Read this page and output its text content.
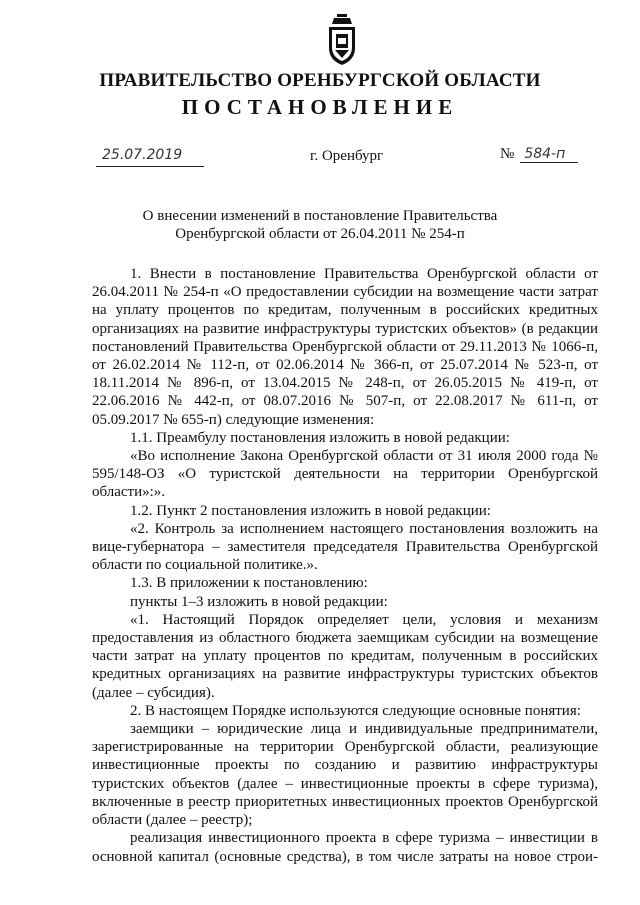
ПРАВИТЕЛЬСТВО ОРЕНБУРГСКОЙ ОБЛАСТИ
ПОСТАНОВЛЕНИЕ
25.07.2019	г. Оренбург	№ 584-п
О внесении изменений в постановление Правительства
Оренбургской области от 26.04.2011 № 254-п

1. Внести в постановление Правительства Оренбургской области от 26.04.2011 № 254-п «О предоставлении субсидии на возмещение части затрат на уплату процентов по кредитам, полученным в российских кредитных организациях на развитие инфраструктуры туристских объектов» (в редакции постановлений Правительства Оренбургской области от 29.11.2013 № 1066-п, от 26.02.2014 № 112-п, от 02.06.2014 № 366-п, от 25.07.2014 № 523-п, от 18.11.2014 № 896-п, от 13.04.2015 № 248-п, от 26.05.2015 № 419-п, от 22.06.2016 № 442-п, от 08.07.2016 № 507-п, от 22.08.2017 № 611-п, от 05.09.2017 № 655-п) следующие изменения:

1.1. Преамбулу постановления изложить в новой редакции:

«Во исполнение Закона Оренбургской области от 31 июля 2000 года № 595/148-ОЗ «О туристской деятельности на территории Оренбургской области»:».

1.2. Пункт 2 постановления изложить в новой редакции:

«2. Контроль за исполнением настоящего постановления возложить на вице-губернатора – заместителя председателя Правительства Оренбургской области по социальной политике.».

1.3. В приложении к постановлению:

пункты 1–3 изложить в новой редакции:

«1. Настоящий Порядок определяет цели, условия и механизм предоставления из областного бюджета заемщикам субсидии на возмещение части затрат на уплату процентов по кредитам, полученным в российских кредитных организациях на развитие инфраструктуры туристских объектов (далее – субсидия).

2. В настоящем Порядке используются следующие основные понятия:

заемщики – юридические лица и индивидуальные предприниматели, зарегистрированные на территории Оренбургской области, реализующие инвестиционные проекты по созданию и развитию инфраструктуры туристских объектов (далее – инвестиционные проекты в сфере туризма), включенные в реестр приоритетных инвестиционных проектов Оренбургской области (далее – реестр);

реализация инвестиционного проекта в сфере туризма – инвестиции в основной капитал (основные средства), в том числе затраты на новое строи-
